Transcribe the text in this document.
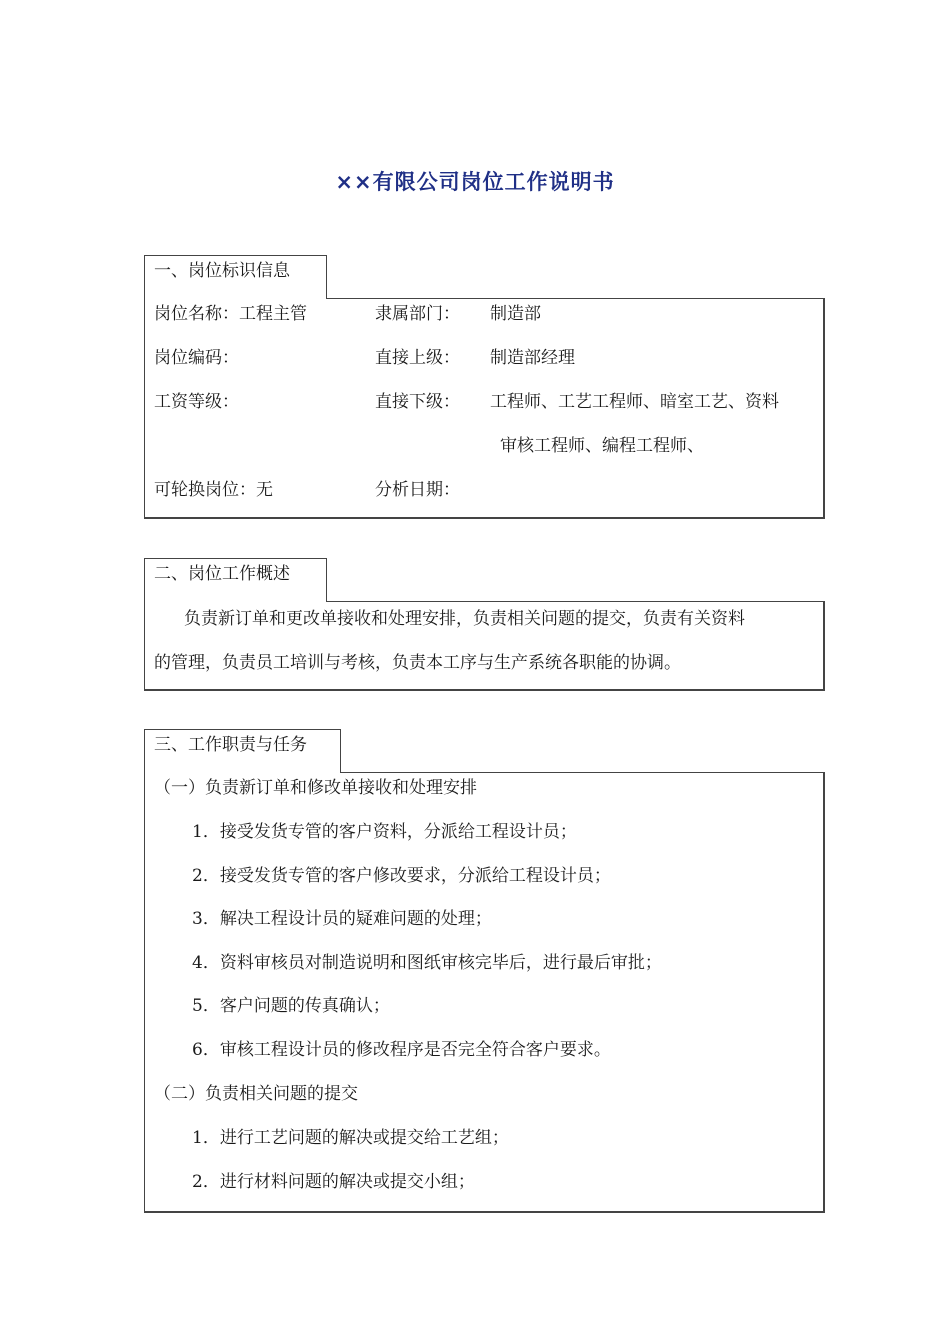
××有限公司岗位工作说明书
一、岗位标识信息
岗位名称：工程主管	隶属部门： 制造部
岗位编码：	直接上级： 制造部经理
工资等级：	直接下级： 工程师、工艺工程师、暗室工艺、资料
审核工程师、编程工程师、
可轮换岗位：无	分析日期：
二、岗位工作概述
负责新订单和更改单接收和处理安排，负责相关问题的提交，负责有关资料
的管理，负责员工培训与考核，负责本工序与生产系统各职能的协调。
三、工作职责与任务
（一）负责新订单和修改单接收和处理安排
1．接受发货专管的客户资料，分派给工程设计员；
2．接受发货专管的客户修改要求，分派给工程设计员；
3．解决工程设计员的疑难问题的处理；
4．资料审核员对制造说明和图纸审核完毕后，进行最后审批；
5．客户问题的传真确认；
6．审核工程设计员的修改程序是否完全符合客户要求。
（二）负责相关问题的提交
1．进行工艺问题的解决或提交给工艺组；
2．进行材料问题的解决或提交小组；
